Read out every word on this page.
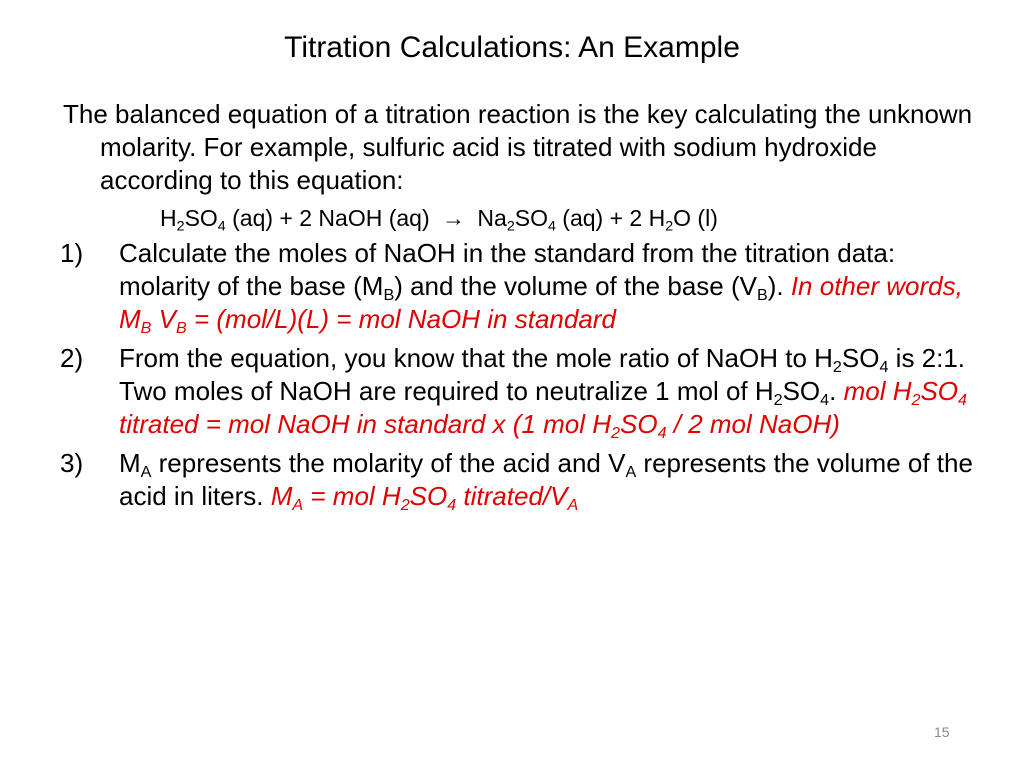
Titration Calculations: An Example

The balanced equation of a titration reaction is the key calculating the unknown molarity. For example, sulfuric acid is titrated with sodium hydroxide according to this equation:

$H_2SO_4$ (aq) + 2 NaOH $(aq) \to Na_2SO_4$ (aq) + 2 $H_2O$ (l)
1) Calculate the moles of NaOH in the standard from the titration data: molarity of the base $(M_B)$ and the volume of the base $(V_B)$. In other words, $M_B$ $V_B = (mol/L)(L)$ = mol NaOH in standard
2) From the equation, you know that the mole ratio of NaOH to $H_2SO_4$ is 2:1. Two moles of NaOH are required to neutralize 1 mol of $H_2SO_4$. mol $H_2SO_4$ titrated = mol NaOH in standard x (1 mol $H_2SO_4 / 2$ mol NaOH)
3) $M_A$ represents the molarity of the acid and $V_A$ represents the volume of the acid in liters. $M_A$ = mol $H_2SO_4$ titrated/$V_A$
15
